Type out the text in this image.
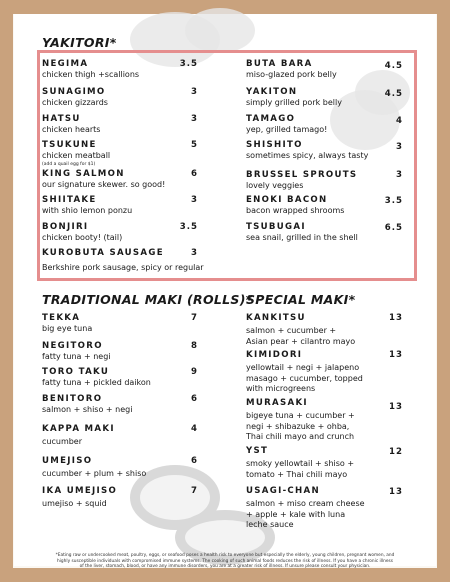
YAKITORI*
NEGIMA
chicken thigh +scallions
3.5
SUNAGIMO
chicken gizzards
3
HATSU
chicken hearts
3
TSUKUNE
chicken meatball
(add a quail egg for $1)
5
KING SALMON
our signature skewer. so good!
6
SHIITAKE
with shio lemon ponzu
3
BONJIRI
chicken booty! (tail)
3.5
KUROBUTA SAUSAGE
Berkshire pork sausage, spicy or regular
3
BUTA BARA
miso-glazed pork belly
4.5
YAKITON
simply grilled pork belly
4.5
TAMAGO
yep, grilled tamago!
4
SHISHITO
sometimes spicy, always tasty
3
BRUSSEL SPROUTS
lovely veggies
3
ENOKI BACON
bacon wrapped shrooms
3.5
TSUBUGAI
sea snail, grilled in the shell
6.5
TRADITIONAL MAKI (ROLLS)*
TEKKA
big eye tuna
7
NEGITORO
fatty tuna + negi
8
TORO TAKU
fatty tuna + pickled daikon
9
BENITORO
salmon + shiso + negi
6
KAPPA MAKI
cucumber
4
UMEJISO
cucumber + plum + shiso
6
IKA UMEJISO
umejiso + squid
7
SPECIAL MAKI*
KANKITSU
salmon + cucumber +
Asian pear + cilantro mayo
13
KIMIDORI
yellowtail + negi + jalapeno
masago + cucumber, topped
with microgreens
13
MURASAKI
bigeye tuna + cucumber +
negi + shibazuke + ohba,
Thai chili mayo and crunch
13
YST
smoky yellowtail + shiso +
tomato + Thai chili mayo
12
USAGI-CHAN
salmon + miso cream cheese
+ apple + kale with luna
leche sauce
13
*Eating raw or undercooked meat, poultry, eggs, or seafood poses a health risk to everyone but especially the elderly, young children, pregnant women, and
highly susceptible individuals with compromised immune systems. The cooking of such animal foods reduces the risk of illness. If you have a chronic illness
of the liver, stomach, blood, or have any immune disorders, you are at a greater risk of illness. If unsure please consult your physician.
